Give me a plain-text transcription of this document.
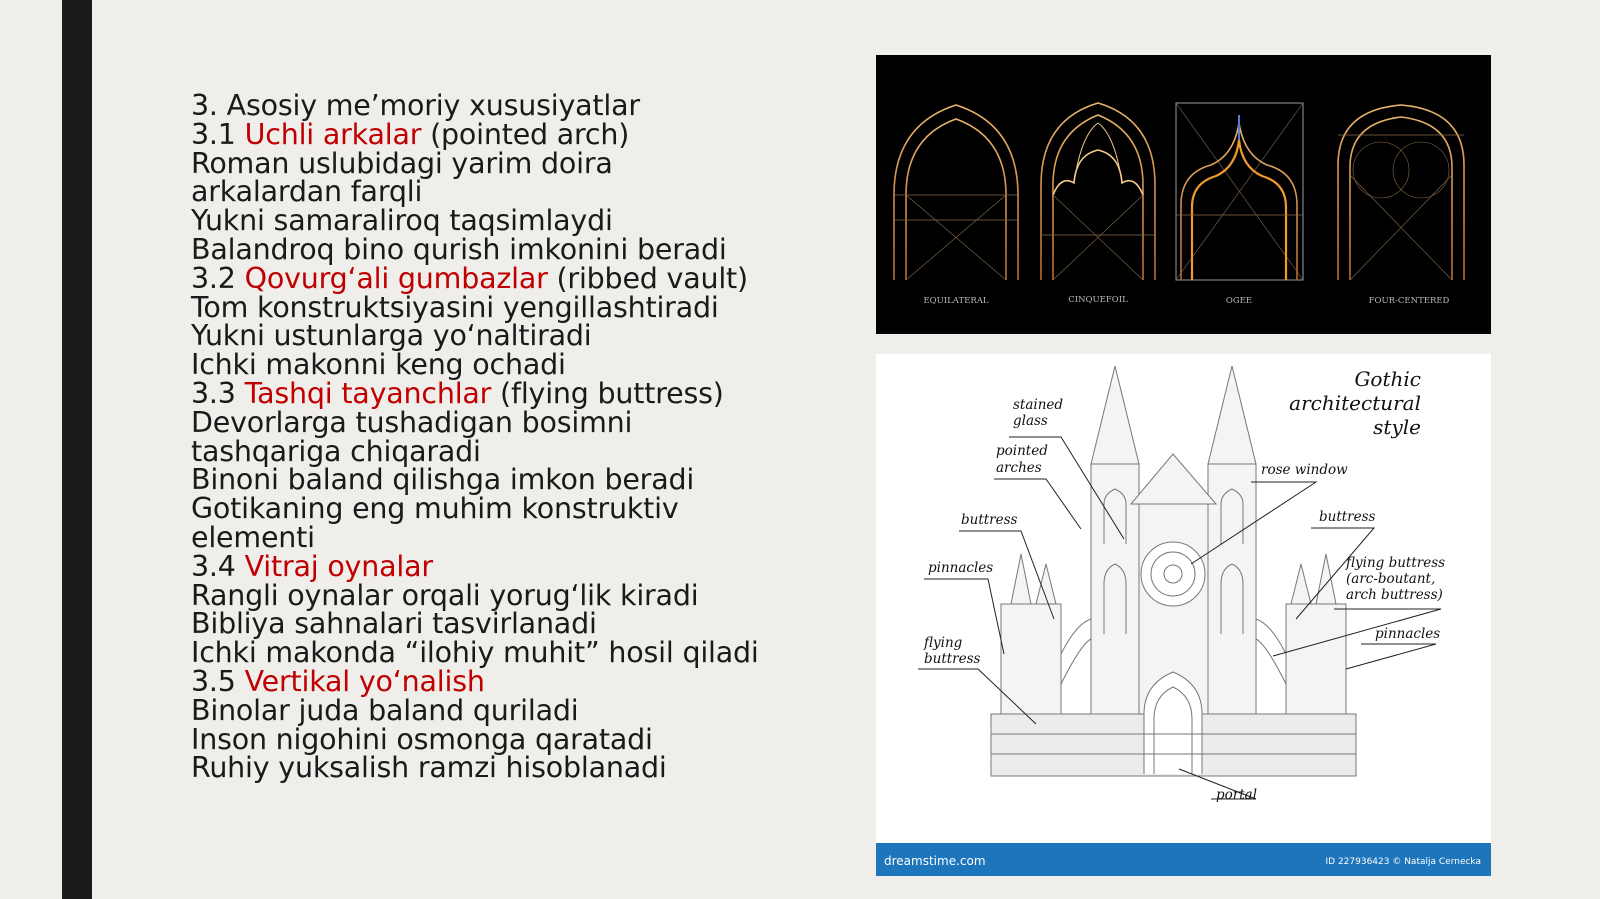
3. Asosiy me’moriy xususiyatlar
3.1 Uchli arkalar (pointed arch)
Roman uslubidagi yarim doira
arkalardan farqli
Yukni samaraliroq taqsimlaydi
Balandroq bino qurish imkonini beradi
3.2 Qovurg‘ali gumbazlar (ribbed vault)
Tom konstruktsiyasini yengillashtiradi
Yukni ustunlarga yo‘naltiradi
Ichki makonni keng ochadi
3.3 Tashqi tayanchlar (flying buttress)
Devorlarga tushadigan bosimni
tashqariga chiqaradi
Binoni baland qilishga imkon beradi
Gotikaning eng muhim konstruktiv
elementi
3.4 Vitraj oynalar
Rangli oynalar orqali yorug‘lik kiradi
Bibliya sahnalari tasvirlanadi
Ichki makonda “ilohiy muhit” hosil qiladi
3.5 Vertikal yo‘nalish
Binolar juda baland quriladi
Inson nigohini osmonga qaratadi
Ruhiy yuksalish ramzi hisoblanadi
EQUILATERAL	CINQUEFOIL	OGEE	FOUR-CENTERED
stained
glass
pointed
arches	rose window
buttress	buttress
pinnacles	flying buttress
(arc-boutant,
arch buttress)
pinnacles
flying
buttress
portal
Gothic
architectural
style
dreamstime.com	ID 227936423 © Natalja Cernecka
